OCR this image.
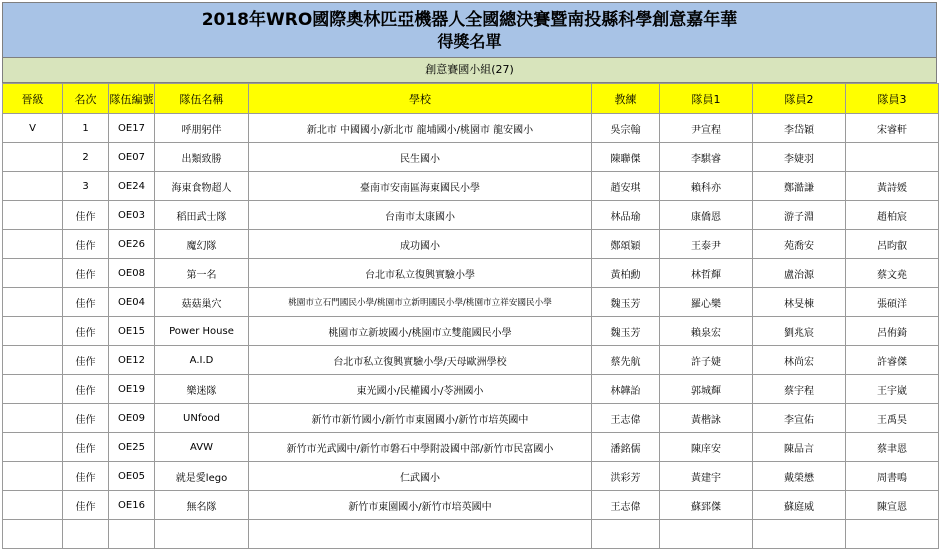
2018年WRO國際奧林匹亞機器人全國總決賽暨南投縣科學創意嘉年華
得獎名單
創意賽國小組(27)
晉級	名次	隊伍編號	隊伍名稱	學校	教練	隊員1	隊員2	隊員3
V	1	OE17	呼朋躬伴	新北市 中國國小/新北市 龍埔國小/桃園市 龍安國小	吳宗翰	尹宣程	李岱穎	宋睿軒
	2	OE07	出類致勝	民生國小	陳聯傑	李騏睿	李婕羽	
	3	OE24	海東食物超人	臺南市安南區海東國民小學	趙安琪	賴科亦	鄭澔謙	黃詩媛
	佳作	OE03	稻田武士隊	台南市太康國小	林品瑜	康僑恩	游子淵	趙柏宸
	佳作	OE26	魔幻隊	成功國小	鄭頌穎	王泰尹	苑喬安	呂昀叡
	佳作	OE08	第一名	台北市私立復興實驗小學	黃柏勳	林哲輝	盧治源	蔡文堯
	佳作	OE04	菇菇巢穴	桃園市立石門國民小學/桃園市立新明國民小學/桃園市立祥安國民小學	魏玉芳	羅心樂	林旻棟	張碩洋
	佳作	OE15	Power House	桃園市立新坡國小/桃園市立雙龍國民小學	魏玉芳	賴泉宏	劉兆宸	呂侑錡
	佳作	OE12	A.I.D	台北市私立復興實驗小學/天母歐洲學校	蔡先航	許子婕	林尚宏	許睿傑
	佳作	OE19	樂迷隊	東光國小/民權國小/苓洲國小	林韡詒	郭城輝	蔡宇程	王宇崴
	佳作	OE09	UNfood	新竹市新竹國小/新竹市東園國小/新竹市培英國中	王志偉	黃楷詠	李宣佑	王禹昊
	佳作	OE25	AVW	新竹市光武國中/新竹市磐石中學附設國中部/新竹市民富國小	潘銘儒	陳庠安	陳品言	蔡聿恩
	佳作	OE05	就是愛lego	仁武國小	洪彩芳	黃建宇	戴榮懋	周書鳴
	佳作	OE16	無名隊	新竹市東園國小/新竹市培英國中	王志偉	蘇郅傑	蘇庭威	陳宣恩
